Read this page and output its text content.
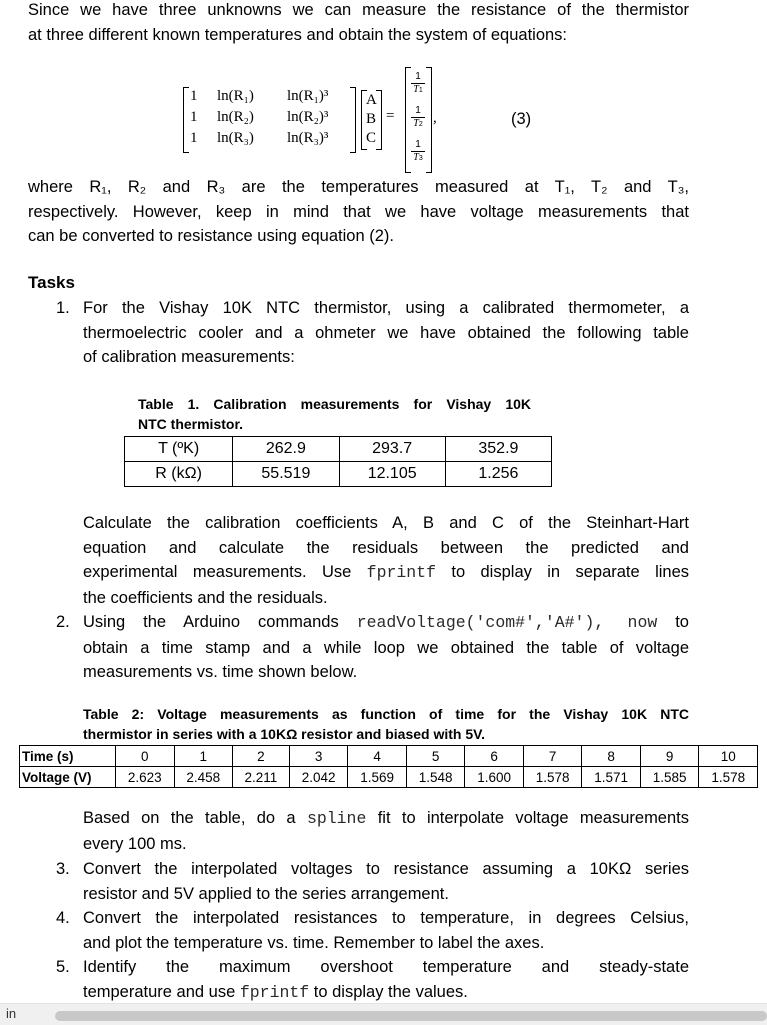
Since we have three unknowns we can measure the resistance of the thermistor
at three different known temperatures and obtain the system of equations:
1 ln(R₁) ln(R₁)³
1 ln(R₂) ln(R₂)³
1 ln(R₃) ln(R₃)³
A
B
C
=
1
T1
1
T2
1
T3
,	(3)
where R₁, R₂ and R₃ are the temperatures measured at T₁, T₂ and T₃,
respectively. However, keep in mind that we have voltage measurements that
can be converted to resistance using equation (2).
Tasks
1. For the Vishay 10K NTC thermistor, using a calibrated thermometer, a
thermoelectric cooler and a ohmeter we have obtained the following table
of calibration measurements:
Table 1. Calibration measurements for Vishay 10K
NTC thermistor.
T (ºK)	262.9	293.7	352.9
R (kΩ)	55.519	12.105	1.256
Calculate the calibration coefficients A, B and C of the Steinhart-Hart
equation and calculate the residuals between the predicted and
experimental measurements. Use fprintf to display in separate lines
the coefficients and the residuals.
2. Using the Arduino commands readVoltage('com#','A#'), now to
obtain a time stamp and a while loop we obtained the table of voltage
measurements vs. time shown below.
Table 2: Voltage measurements as function of time for the Vishay 10K NTC
thermistor in series with a 10KΩ resistor and biased with 5V.
Time (s)	0	1	2	3	4	5	6	7	8	9	10
Voltage (V)	2.623	2.458	2.211	2.042	1.569	1.548	1.600	1.578	1.571	1.585	1.578
Based on the table, do a spline fit to interpolate voltage measurements
every 100 ms.
3. Convert the interpolated voltages to resistance assuming a 10KΩ series
resistor and 5V applied to the series arrangement.
4. Convert the interpolated resistances to temperature, in degrees Celsius,
and plot the temperature vs. time. Remember to label the axes.
5. Identify the maximum overshoot temperature and steady-state
temperature and use fprintf to display the values.
in
